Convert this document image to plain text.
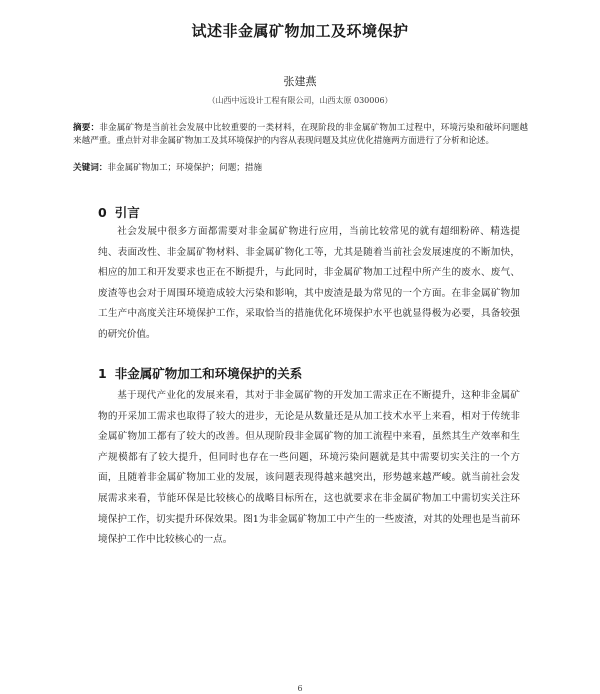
试述非金属矿物加工及环境保护
张建燕
（山西中远设计工程有限公司，山西太原 030006）
摘要：非金属矿物是当前社会发展中比较重要的一类材料，在现阶段的非金属矿物加工过程中，环境污染和破坏问题越来越严重。重点针对非金属矿物加工及其环境保护的内容从表现问题及其应优化措施两方面进行了分析和论述。
关键词：非金属矿物加工；环境保护；问题；措施
0 引言
社会发展中很多方面都需要对非金属矿物进行应用，当前比较常见的就有超细粉碎、精选提纯、表面改性、非金属矿物材料、非金属矿物化工等，尤其是随着当前社会发展速度的不断加快，相应的加工和开发要求也正在不断提升，与此同时，非金属矿物加工过程中所产生的废水、废气、废渣等也会对于周围环境造成较大污染和影响，其中废渣是最为常见的一个方面。在非金属矿物加工生产中高度关注环境保护工作，采取恰当的措施优化环境保护水平也就显得极为必要，具备较强的研究价值。
1 非金属矿物加工和环境保护的关系
基于现代产业化的发展来看，其对于非金属矿物的开发加工需求正在不断提升，这种非金属矿物的开采加工需求也取得了较大的进步，无论是从数量还是从加工技术水平上来看，相对于传统非金属矿物加工都有了较大的改善。但从现阶段非金属矿物的加工流程中来看，虽然其生产效率和生产规模都有了较大提升，但同时也存在一些问题，环境污染问题就是其中需要切实关注的一个方面，且随着非金属矿物加工业的发展，该问题表现得越来越突出，形势越来越严峻。就当前社会发展需求来看，节能环保是比较核心的战略目标所在，这也就要求在非金属矿物加工中需切实关注环境保护工作，切实提升环保效果。图1为非金属矿物加工中产生的一些废渣，对其的处理也是当前环境保护工作中比较核心的一点。
6
